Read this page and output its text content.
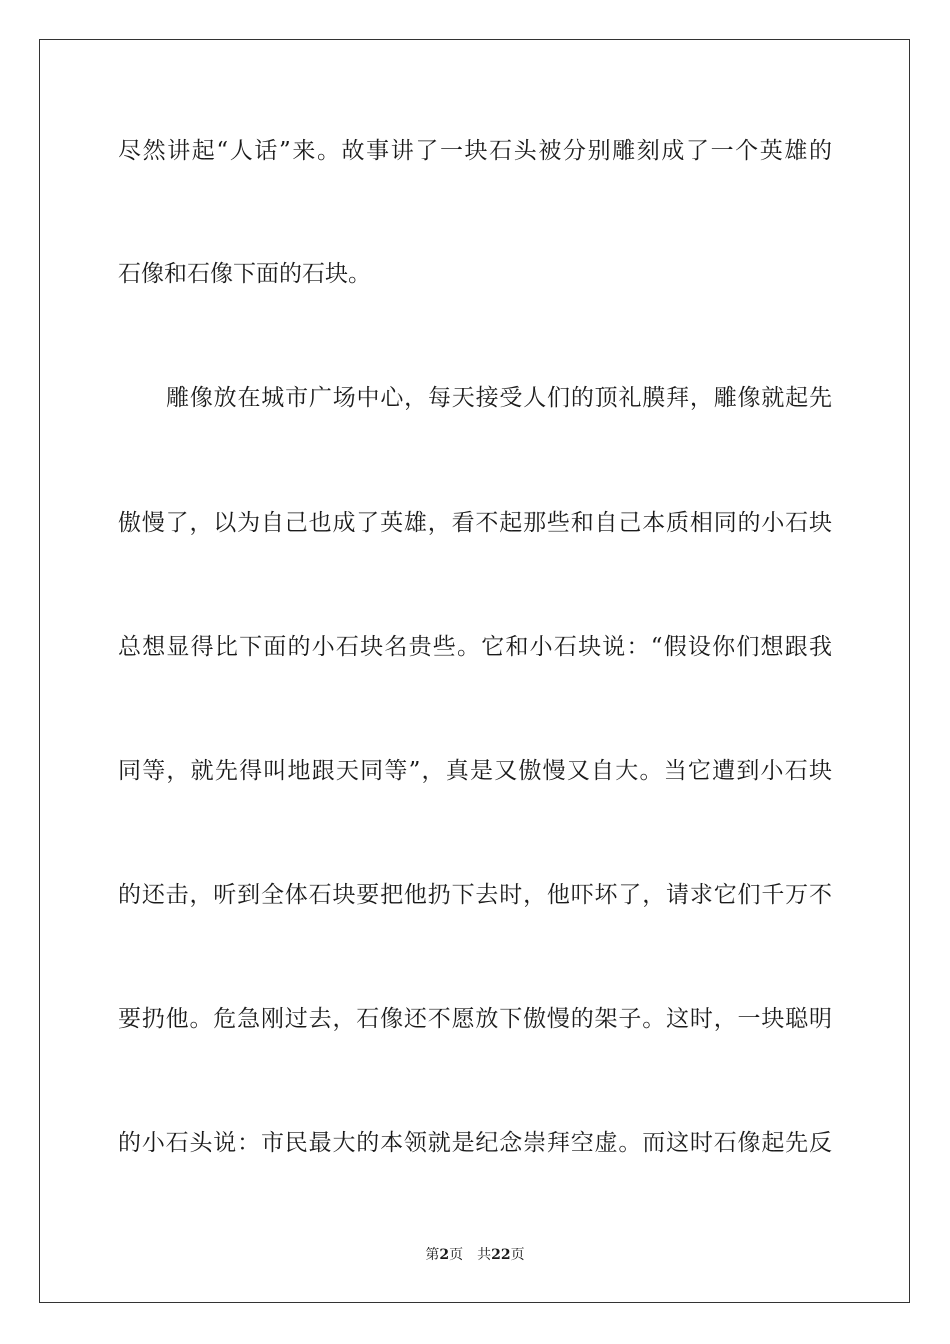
尽然讲起“人话”来。故事讲了一块石头被分别雕刻成了一个英雄的
石像和石像下面的石块。
雕像放在城市广场中心，每天接受人们的顶礼膜拜，雕像就起先
傲慢了，以为自己也成了英雄，看不起那些和自己本质相同的小石块
总想显得比下面的小石块名贵些。它和小石块说：“假设你们想跟我
同等，就先得叫地跟天同等”，真是又傲慢又自大。当它遭到小石块
的还击，听到全体石块要把他扔下去时，他吓坏了，请求它们千万不
要扔他。危急刚过去，石像还不愿放下傲慢的架子。这时，一块聪明
的小石头说：市民最大的本领就是纪念崇拜空虚。而这时石像起先反
第2页 共22页
